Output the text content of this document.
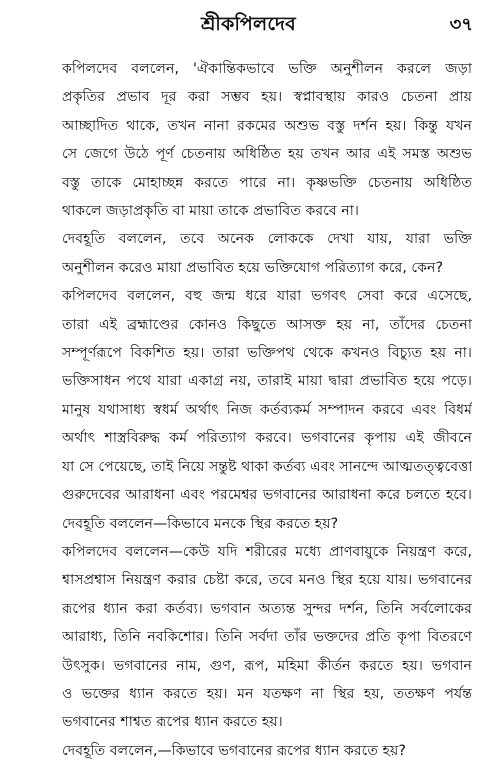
শ্রীকপিলদেব	৩৭
কপিলদেব বললেন, 'ঐকান্তিকভাবে ভক্তি অনুশীলন করলে জড়া
প্রকৃতির প্রভাব দূর করা সম্ভব হয়। স্বপ্নাবস্থায় কারও চেতনা প্রায়
আচ্ছাদিত থাকে, তখন নানা রকমের অশুভ বস্তু দর্শন হয়। কিন্তু যখন
সে জেগে উঠে পূর্ণ চেতনায় অধিষ্ঠিত হয় তখন আর এই সমস্ত অশুভ
বস্তু তাকে মোহাচ্ছন্ন করতে পারে না। কৃষ্ণভক্তি চেতনায় অধিষ্ঠিত
থাকলে জড়াপ্রকৃতি বা মায়া তাকে প্রভাবিত করবে না।
দেবহূতি বললেন, তবে অনেক লোককে দেখা যায়, যারা ভক্তি
অনুশীলন করেও মায়া প্রভাবিত হয়ে ভক্তিযোগ পরিত্যাগ করে, কেন?
কপিলদেব বললেন, বহু জন্ম ধরে যারা ভগবৎ সেবা করে এসেছে,
তারা এই ব্রহ্মাণ্ডের কোনও কিছুতে আসক্ত হয় না, তাঁদের চেতনা
সম্পূর্ণরূপে বিকশিত হয়। তারা ভক্তিপথ থেকে কখনও বিচ্যুত হয় না।
ভক্তিসাধন পথে যারা একাগ্র নয়, তারাই মায়া দ্বারা প্রভাবিত হয়ে পড়ে।
মানুষ যথাসাধ্য স্বধর্ম অর্থাৎ নিজ কর্তব্যকর্ম সম্পাদন করবে এবং বিধর্ম
অর্থাৎ শাস্ত্রবিরুদ্ধ কর্ম পরিত্যাগ করবে। ভগবানের কৃপায় এই জীবনে
যা সে পেয়েছে, তাই নিয়ে সন্তুষ্ট থাকা কর্তব্য এবং সানন্দে আত্মতত্ত্ববেত্তা
গুরুদেবের আরাধনা এবং পরমেশ্বর ভগবানের আরাধনা করে চলতে হবে।
দেবহূতি বললেন—কিভাবে মনকে স্থির করতে হয়?
কপিলদেব বললেন—কেউ যদি শরীরের মধ্যে প্রাণবায়ুকে নিয়ন্ত্রণ করে,
শ্বাসপ্রশ্বাস নিয়ন্ত্রণ করার চেষ্টা করে, তবে মনও স্থির হয়ে যায়। ভগবানের
রূপের ধ্যান করা কর্তব্য। ভগবান অত্যন্ত সুন্দর দর্শন, তিনি সর্বলোকের
আরাধ্য, তিনি নবকিশোর। তিনি সর্বদা তাঁর ভক্তদের প্রতি কৃপা বিতরণে
উৎসুক। ভগবানের নাম, গুণ, রূপ, মহিমা কীর্তন করতে হয়। ভগবান
ও ভক্তের ধ্যান করতে হয়। মন যতক্ষণ না স্থির হয়, ততক্ষণ পর্যন্ত
ভগবানের শাশ্বত রূপের ধ্যান করতে হয়।
দেবহূতি বললেন,—কিভাবে ভগবানের রূপের ধ্যান করতে হয়?
